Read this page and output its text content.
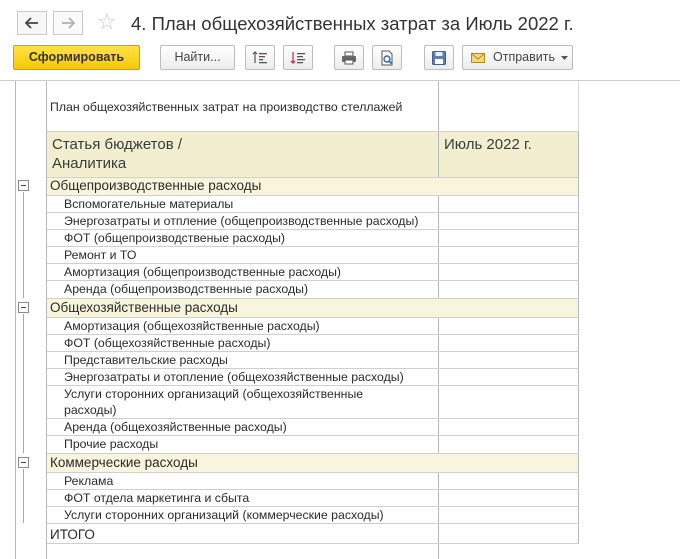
☆ 4. План общехозяйственных затрат за Июль 2022 г.
Сформировать	Найти...	Отправить
План общехозяйственных затрат на производство стеллажей
Статья бюджетов /
Аналитика
Июль 2022 г.
Общепроизводственные расходы
Вспомогательные материалы
Энергозатраты и отпление (общепроизводственные расходы)
ФОТ (общепроизводственые расходы)
Ремонт и ТО
Амортизация (общепроизводственные расходы)
Аренда (общепроизводственные расходы)
Общехозяйственные расходы
Амортизация (общехозяйственные расходы)
ФОТ (общехозяйственные расходы)
Представительские расходы
Энергозатраты и отопление (общехозяйственные расходы)
Услуги сторонних организаций (общехозяйственные
расходы)
Аренда (общехозяйственные расходы)
Прочие расходы
Коммерческие расходы
Реклама
ФОТ отдела маркетинга и сбыта
Услуги сторонних организаций (коммерческие расходы)
ИТОГО
